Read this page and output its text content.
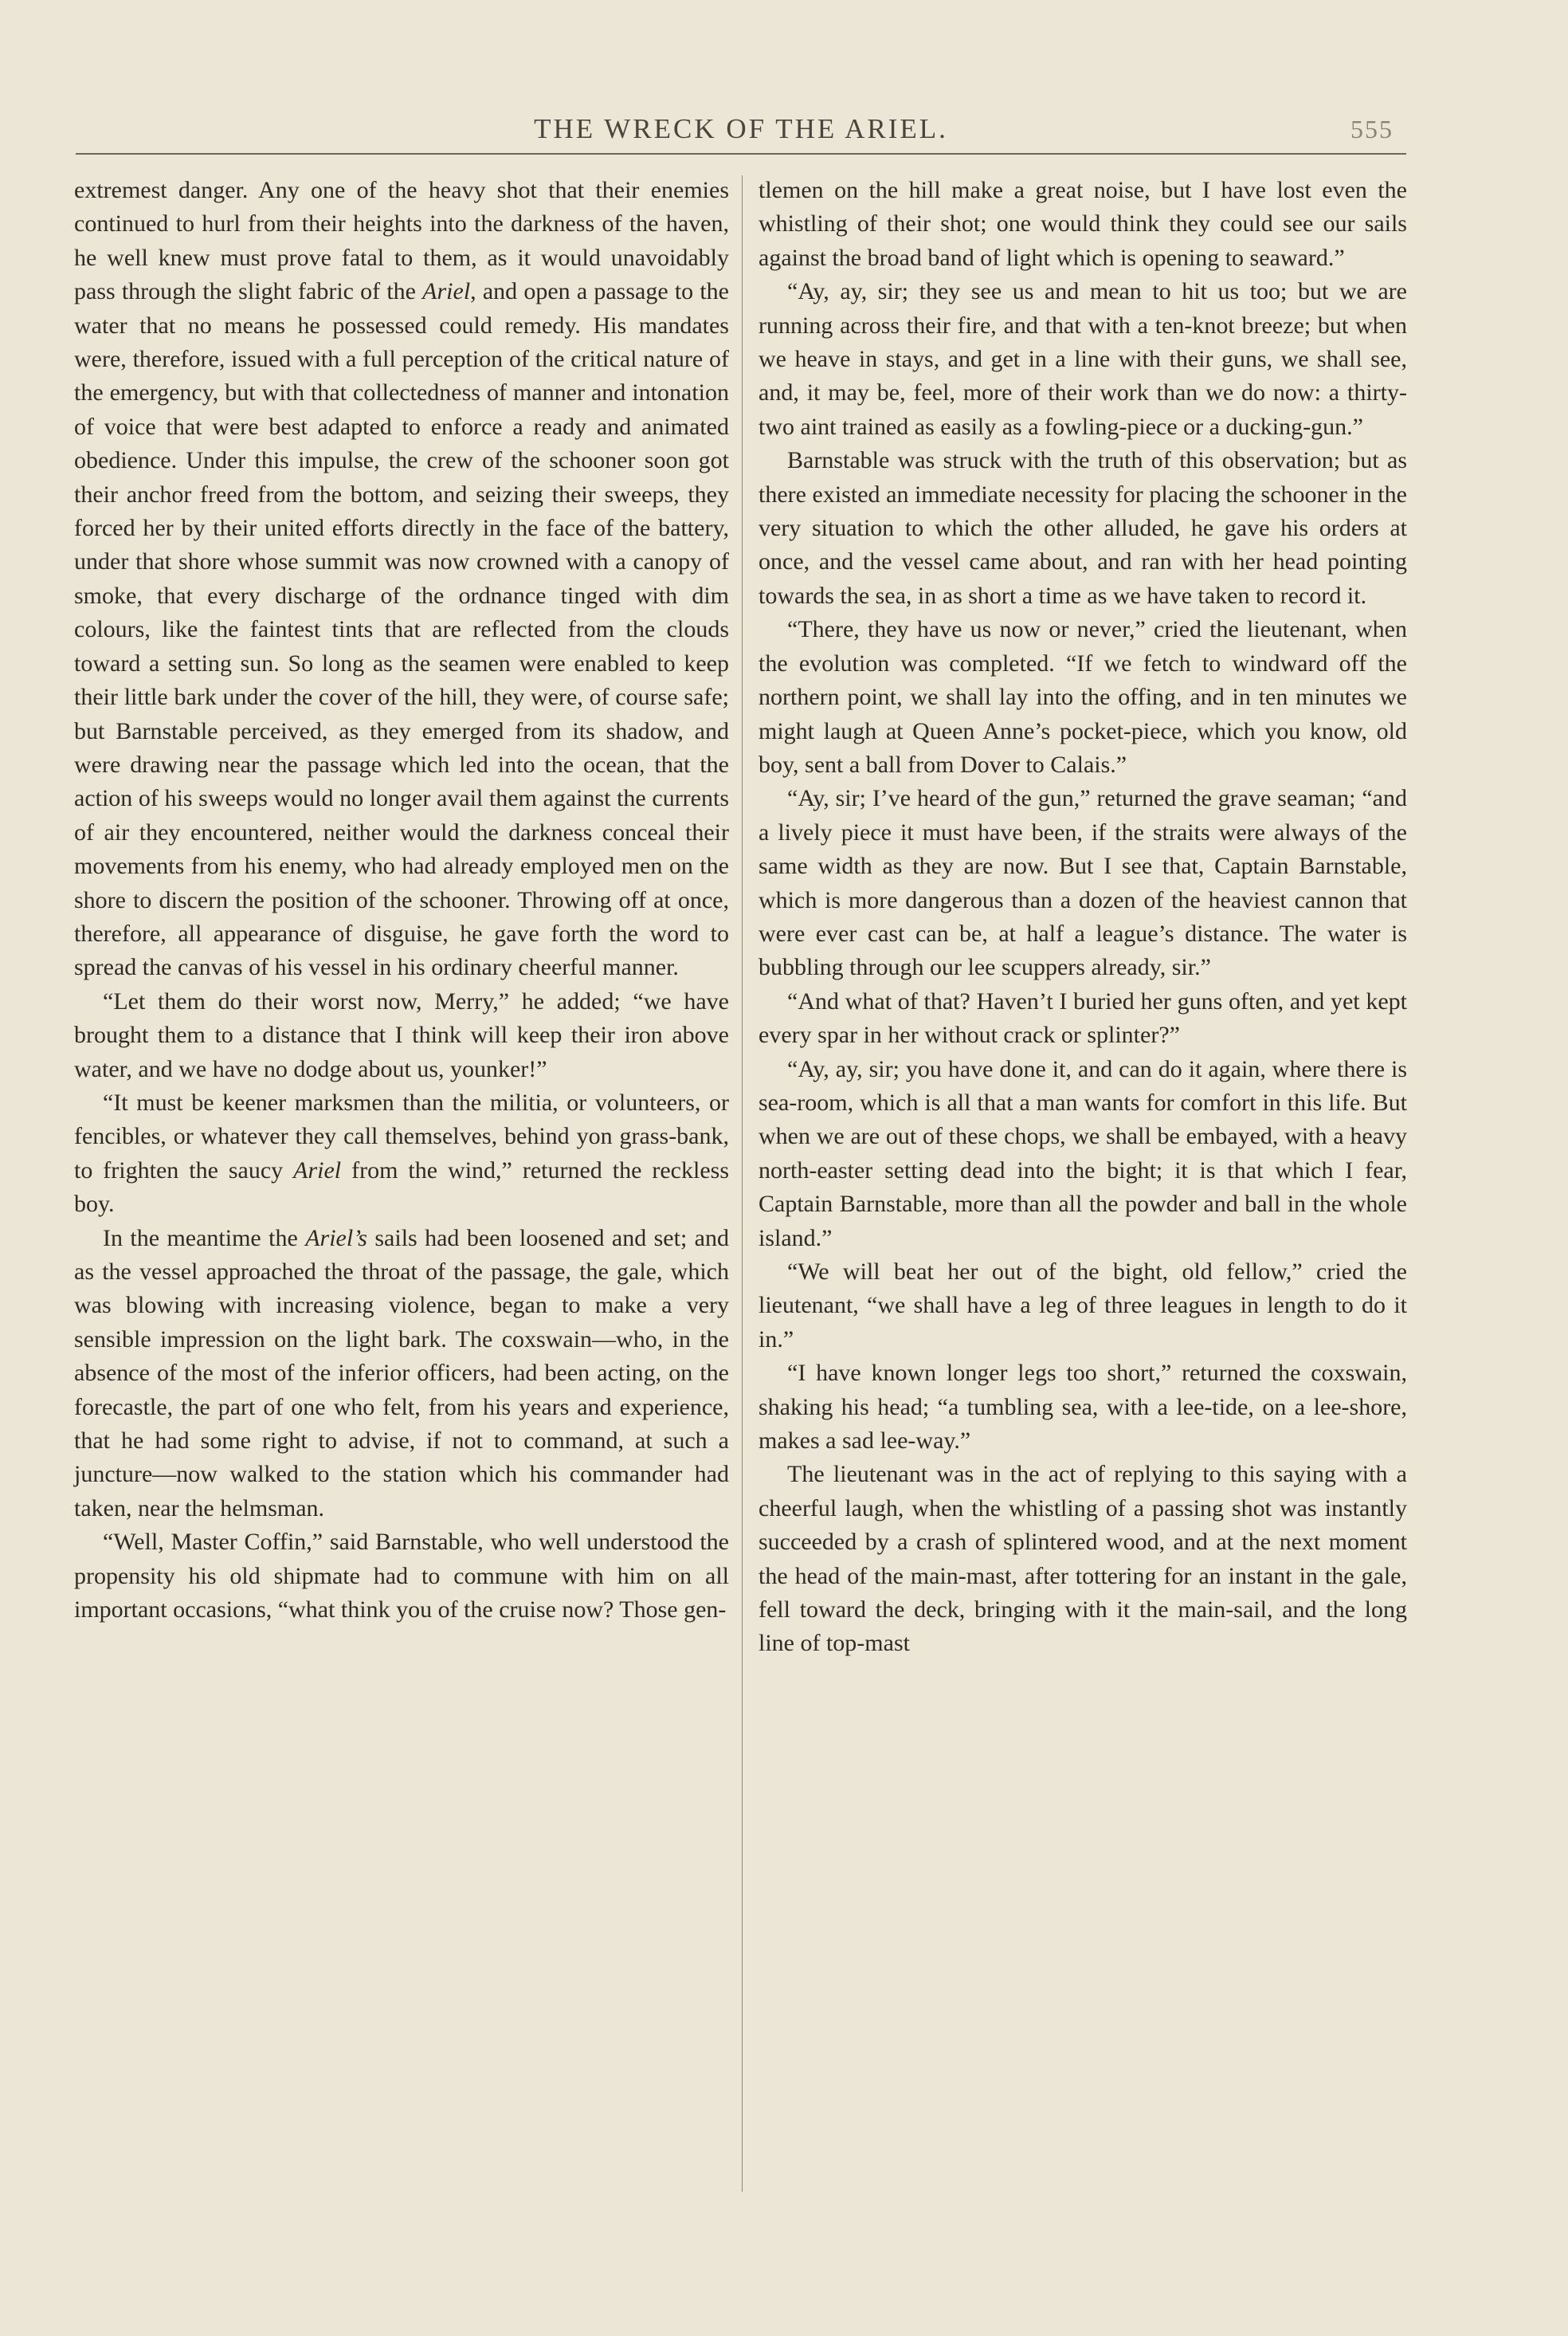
THE WRECK OF THE ARIEL.	555

extremest danger. Any one of the heavy shot that their enemies continued to hurl from their heights into the darkness of the haven, he well knew must prove fatal to them, as it would unavoidably pass through the slight fabric of the Ariel, and open a passage to the water that no means he possessed could remedy. His mandates were, therefore, issued with a full perception of the critical nature of the emergency, but with that collectedness of manner and intonation of voice that were best adapted to enforce a ready and animated obedience. Under this impulse, the crew of the schooner soon got their anchor freed from the bottom, and seizing their sweeps, they forced her by their united efforts directly in the face of the battery, under that shore whose summit was now crowned with a canopy of smoke, that every discharge of the ordnance tinged with dim colours, like the faintest tints that are reflected from the clouds toward a setting sun. So long as the seamen were enabled to keep their little bark under the cover of the hill, they were, of course safe; but Barnstable perceived, as they emerged from its shadow, and were drawing near the passage which led into the ocean, that the action of his sweeps would no longer avail them against the currents of air they encountered, neither would the darkness conceal their movements from his enemy, who had already employed men on the shore to discern the position of the schooner. Throwing off at once, therefore, all appearance of disguise, he gave forth the word to spread the canvas of his vessel in his ordinary cheerful manner.

“Let them do their worst now, Merry,” he added; “we have brought them to a distance that I think will keep their iron above water, and we have no dodge about us, younker!”

“It must be keener marksmen than the militia, or volunteers, or fencibles, or whatever they call themselves, behind yon grass-bank, to frighten the saucy Ariel from the wind,” returned the reckless boy.

In the meantime the Ariel’s sails had been loosened and set; and as the vessel approached the throat of the passage, the gale, which was blowing with increasing violence, began to make a very sensible impression on the light bark. The coxswain—who, in the absence of the most of the inferior officers, had been acting, on the forecastle, the part of one who felt, from his years and experience, that he had some right to advise, if not to command, at such a juncture—now walked to the station which his commander had taken, near the helmsman.

“Well, Master Coffin,” said Barnstable, who well understood the propensity his old shipmate had to commune with him on all important occasions, “what think you of the cruise now? Those gen-

tlemen on the hill make a great noise, but I have lost even the whistling of their shot; one would think they could see our sails against the broad band of light which is opening to seaward.”

“Ay, ay, sir; they see us and mean to hit us too; but we are running across their fire, and that with a ten-knot breeze; but when we heave in stays, and get in a line with their guns, we shall see, and, it may be, feel, more of their work than we do now: a thirty-two aint trained as easily as a fowling-piece or a ducking-gun.”

Barnstable was struck with the truth of this observation; but as there existed an immediate necessity for placing the schooner in the very situation to which the other alluded, he gave his orders at once, and the vessel came about, and ran with her head pointing towards the sea, in as short a time as we have taken to record it.

“There, they have us now or never,” cried the lieutenant, when the evolution was completed. “If we fetch to windward off the northern point, we shall lay into the offing, and in ten minutes we might laugh at Queen Anne’s pocket-piece, which you know, old boy, sent a ball from Dover to Calais.”

“Ay, sir; I’ve heard of the gun,” returned the grave seaman; “and a lively piece it must have been, if the straits were always of the same width as they are now. But I see that, Captain Barnstable, which is more dangerous than a dozen of the heaviest cannon that were ever cast can be, at half a league’s distance. The water is bubbling through our lee scuppers already, sir.”

“And what of that? Haven’t I buried her guns often, and yet kept every spar in her without crack or splinter?”

“Ay, ay, sir; you have done it, and can do it again, where there is sea-room, which is all that a man wants for comfort in this life. But when we are out of these chops, we shall be embayed, with a heavy north-easter setting dead into the bight; it is that which I fear, Captain Barnstable, more than all the powder and ball in the whole island.”

“We will beat her out of the bight, old fellow,” cried the lieutenant, “we shall have a leg of three leagues in length to do it in.”

“I have known longer legs too short,” returned the coxswain, shaking his head; “a tumbling sea, with a lee-tide, on a lee-shore, makes a sad lee-way.”

The lieutenant was in the act of replying to this saying with a cheerful laugh, when the whistling of a passing shot was instantly succeeded by a crash of splintered wood, and at the next moment the head of the main-mast, after tottering for an instant in the gale, fell toward the deck, bringing with it the main-sail, and the long line of top-mast
